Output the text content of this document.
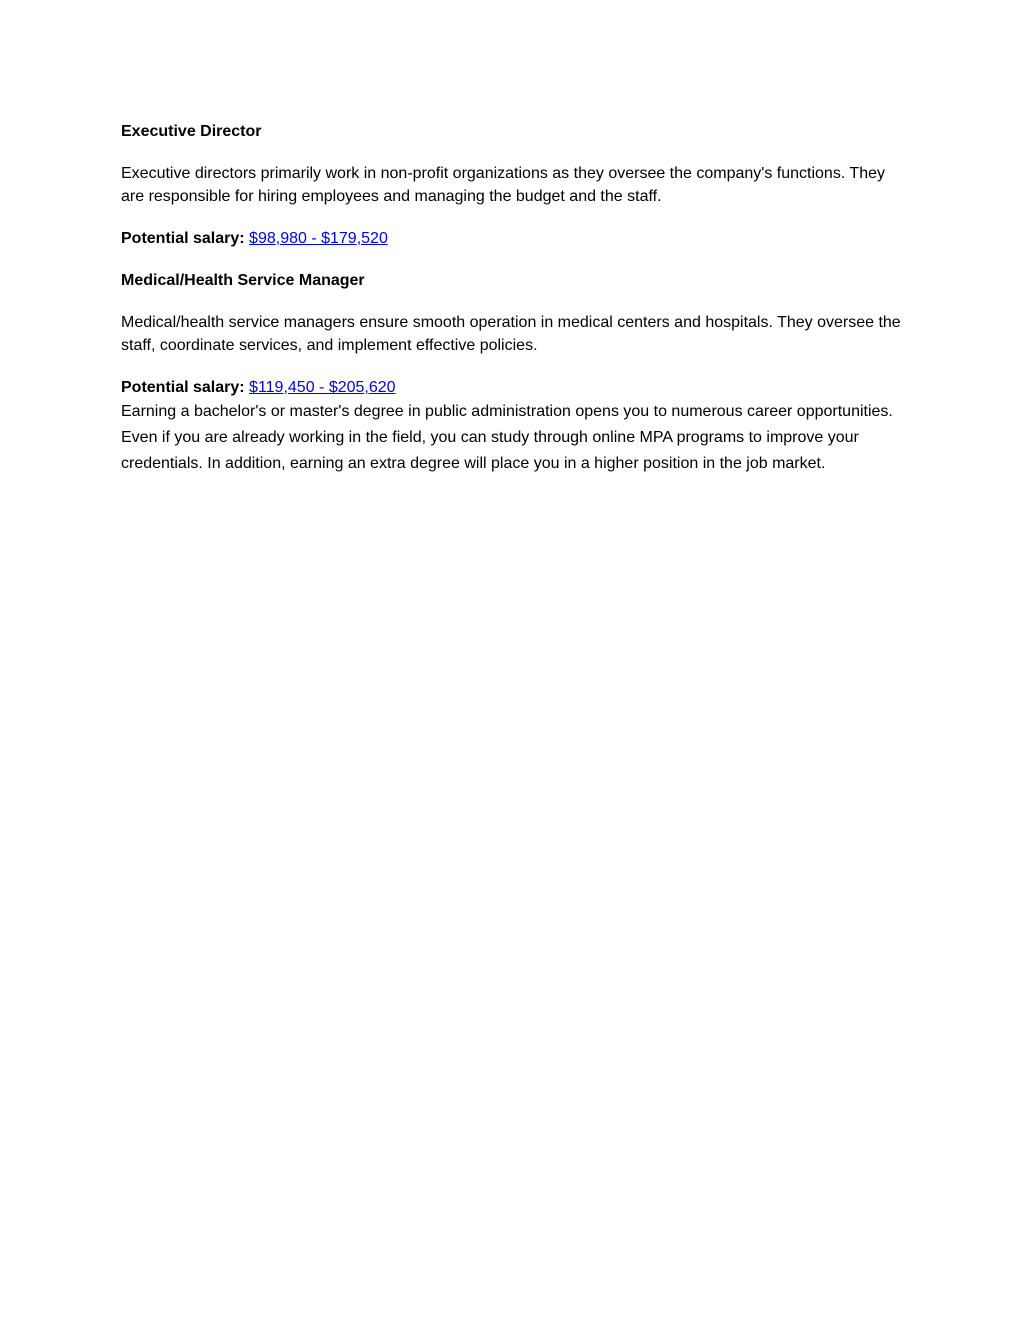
Executive Director
Executive directors primarily work in non-profit organizations as they oversee the company's functions. They are responsible for hiring employees and managing the budget and the staff.
Potential salary: $98,980 - $179,520
Medical/Health Service Manager
Medical/health service managers ensure smooth operation in medical centers and hospitals. They oversee the staff, coordinate services, and implement effective policies.
Potential salary: $119,450 - $205,620
Earning a bachelor's or master's degree in public administration opens you to numerous career opportunities. Even if you are already working in the field, you can study through online MPA programs to improve your credentials. In addition, earning an extra degree will place you in a higher position in the job market.
